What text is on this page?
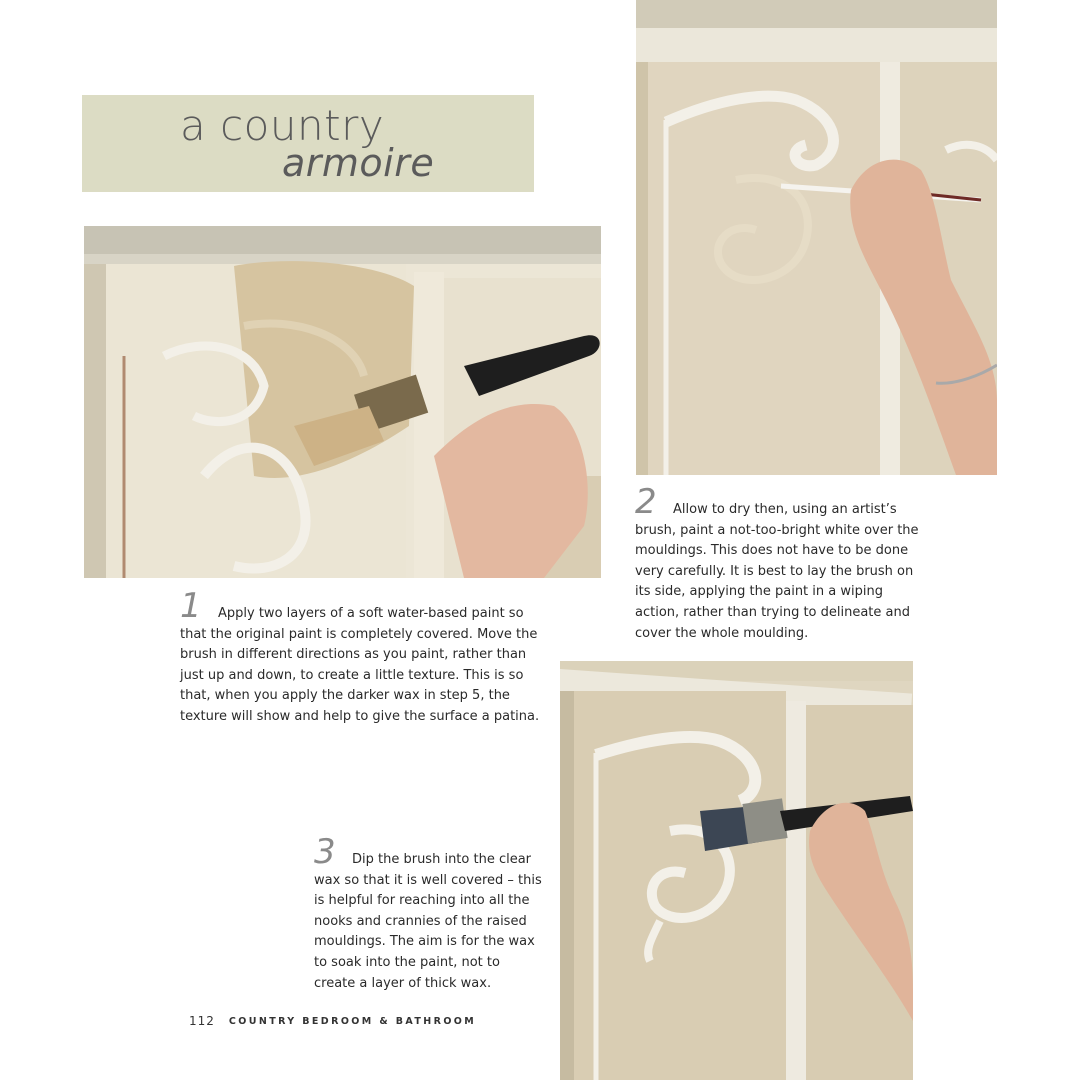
a country
armoire
1 Apply two layers of a soft water-based paint so that the original paint is completely covered. Move the brush in different directions as you paint, rather than just up and down, to create a little texture. This is so that, when you apply the darker wax in step 5, the texture will show and help to give the surface a patina.
2 Allow to dry then, using an artist’s brush, paint a not-too-bright white over the mouldings. This does not have to be done very carefully. It is best to lay the brush on its side, applying the paint in a wiping action, rather than trying to delineate and cover the whole moulding.
3 Dip the brush into the clear wax so that it is well covered – this is helpful for reaching into all the nooks and crannies of the raised mouldings. The aim is for the wax to soak into the paint, not to create a layer of thick wax.
112 COUNTRY BEDROOM & BATHROOM
